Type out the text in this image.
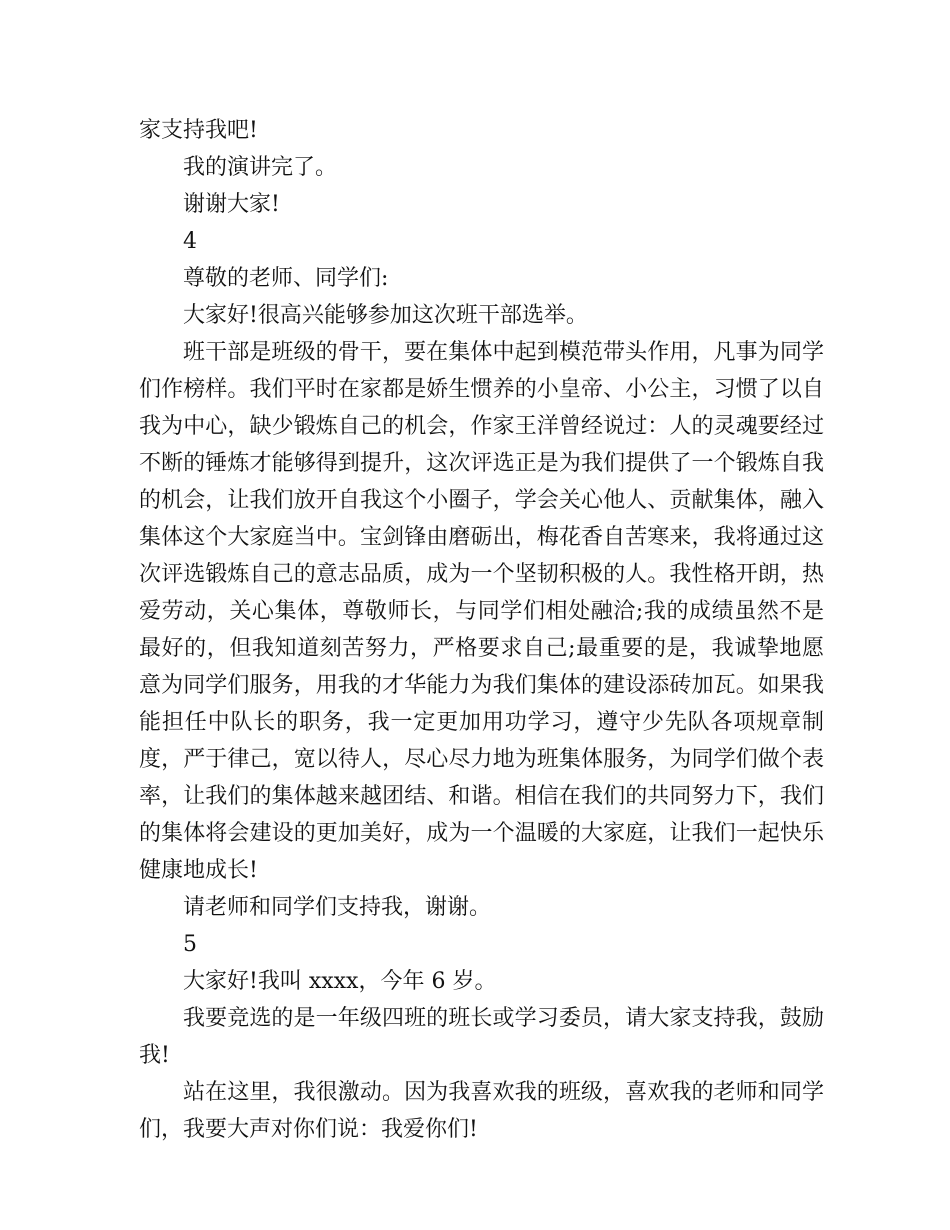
家支持我吧!

我的演讲完了。

谢谢大家!

4

尊敬的老师、同学们:

大家好!很高兴能够参加这次班干部选举。

班干部是班级的骨干，要在集体中起到模范带头作用，凡事为同学们作榜样。我们平时在家都是娇生惯养的小皇帝、小公主，习惯了以自我为中心，缺少锻炼自己的机会，作家王洋曾经说过：人的灵魂要经过不断的锤炼才能够得到提升，这次评选正是为我们提供了一个锻炼自我的机会，让我们放开自我这个小圈子，学会关心他人、贡献集体，融入集体这个大家庭当中。宝剑锋由磨砺出，梅花香自苦寒来，我将通过这次评选锻炼自己的意志品质，成为一个坚韧积极的人。我性格开朗，热爱劳动，关心集体，尊敬师长，与同学们相处融洽;我的成绩虽然不是最好的，但我知道刻苦努力，严格要求自己;最重要的是，我诚挚地愿意为同学们服务，用我的才华能力为我们集体的建设添砖加瓦。如果我能担任中队长的职务，我一定更加用功学习，遵守少先队各项规章制度，严于律己，宽以待人，尽心尽力地为班集体服务，为同学们做个表率，让我们的集体越来越团结、和谐。相信在我们的共同努力下，我们的集体将会建设的更加美好，成为一个温暖的大家庭，让我们一起快乐健康地成长!

请老师和同学们支持我，谢谢。

5

大家好!我叫 xxxx，今年 6 岁。

我要竞选的是一年级四班的班长或学习委员，请大家支持我，鼓励我!

站在这里，我很激动。因为我喜欢我的班级，喜欢我的老师和同学们，我要大声对你们说：我爱你们!
